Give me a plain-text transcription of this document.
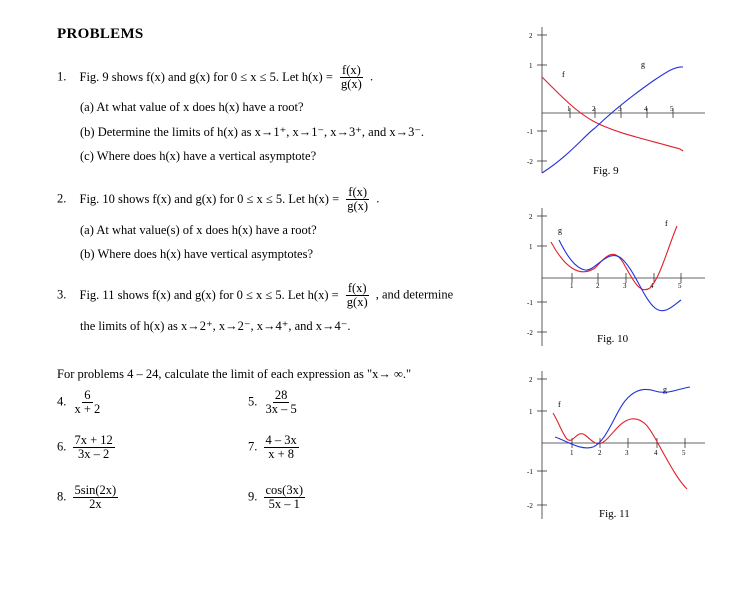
PROBLEMS
1. Fig. 9 shows f(x) and g(x) for 0 ≤ x ≤ 5. Let $h(x) = \frac{f(x)}{g(x)}$ .
(a) At what value of x does h(x) have a root?
(b) Determine the limits of h(x) as x→1⁺, x→1⁻, x→3⁺, and x→3⁻.
(c) Where does h(x) have a vertical asymptote?
2. Fig. 10 shows f(x) and g(x) for 0 ≤ x ≤ 5. Let $h(x) = \frac{f(x)}{g(x)}$ .
(a) At what value(s) of x does h(x) have a root?
(b) Where does h(x) have vertical asymptotes?
3. Fig. 11 shows f(x) and g(x) for 0 ≤ x ≤ 5. Let $h(x) = \frac{f(x)}{g(x)}$ , and determine
the limits of h(x) as x→2⁺, x→2⁻, x→4⁺, and x→4⁻.
For problems 4 – 24, calculate the limit of each expression as "x→ ∞."
4. $\frac{6}{x + 2}$	5. $\frac{28}{3x - 5}$
6. $\frac{7x + 12}{3x - 2}$	7. $\frac{4 - 3x}{x + 8}$
8. $\frac{5\sin(2x)}{2x}$	9. $\frac{\cos(3x)}{5x - 1}$
2
1
-1
-2
1	2	3	4	5
f
g
Fig. 9
2
1
-1
-2
1	2	3	4	5
f
g
Fig. 10
2
1
-1
-2
1	2	3	4	5
f
g
Fig. 11
